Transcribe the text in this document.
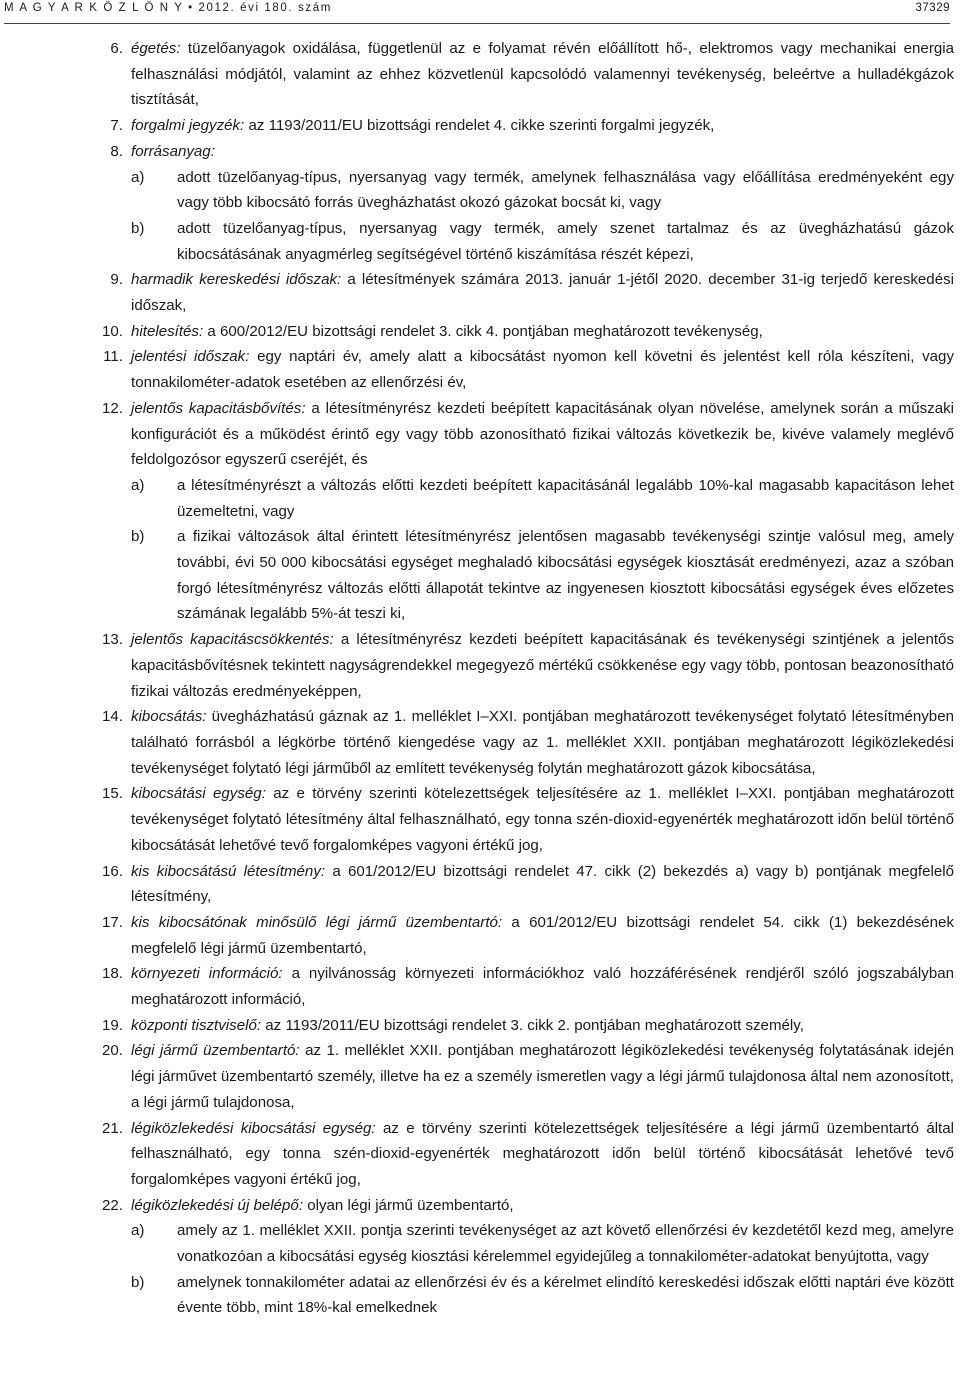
M A G Y A R K Ö Z L Ö N Y • 2012. évi 180. szám	37329
6. égetés: tüzelőanyagok oxidálása, függetlenül az e folyamat révén előállított hő-, elektromos vagy mechanikai energia felhasználási módjától, valamint az ehhez közvetlenül kapcsolódó valamennyi tevékenység, beleértve a hulladékgázok tisztítását,
7. forgalmi jegyzék: az 1193/2011/EU bizottsági rendelet 4. cikke szerinti forgalmi jegyzék,
8. forrásanyag:
a) adott tüzelőanyag-típus, nyersanyag vagy termék, amelynek felhasználása vagy előállítása eredményeként egy vagy több kibocsátó forrás üvegházhatást okozó gázokat bocsát ki, vagy
b) adott tüzelőanyag-típus, nyersanyag vagy termék, amely szenet tartalmaz és az üvegházhatású gázok kibocsátásának anyagmérleg segítségével történő kiszámítása részét képezi,
9. harmadik kereskedési időszak: a létesítmények számára 2013. január 1-jétől 2020. december 31-ig terjedő kereskedési időszak,
10. hitelesítés: a 600/2012/EU bizottsági rendelet 3. cikk 4. pontjában meghatározott tevékenység,
11. jelentési időszak: egy naptári év, amely alatt a kibocsátást nyomon kell követni és jelentést kell róla készíteni, vagy tonnakilométer-adatok esetében az ellenőrzési év,
12. jelentős kapacitásbővítés: a létesítményrész kezdeti beépített kapacitásának olyan növelése, amelynek során a műszaki konfigurációt és a működést érintő egy vagy több azonosítható fizikai változás következik be, kivéve valamely meglévő feldolgozósor egyszerű cseréjét, és
a) a létesítményrészt a változás előtti kezdeti beépített kapacitásánál legalább 10%-kal magasabb kapacitáson lehet üzemeltetni, vagy
b) a fizikai változások által érintett létesítményrész jelentősen magasabb tevékenységi szintje valósul meg, amely további, évi 50 000 kibocsátási egységet meghaladó kibocsátási egységek kiosztását eredményezi, azaz a szóban forgó létesítményrész változás előtti állapotát tekintve az ingyenesen kiosztott kibocsátási egységek éves előzetes számának legalább 5%-át teszi ki,
13. jelentős kapacitáscsökkentés: a létesítményrész kezdeti beépített kapacitásának és tevékenységi szintjének a jelentős kapacitásbővítésnek tekintett nagyságrendekkel megegyező mértékű csökkenése egy vagy több, pontosan beazonosítható fizikai változás eredményeképpen,
14. kibocsátás: üvegházhatású gáznak az 1. melléklet I–XXI. pontjában meghatározott tevékenységet folytató létesítményben található forrásból a légkörbe történő kiengedése vagy az 1. melléklet XXII. pontjában meghatározott légiközlekedési tevékenységet folytató légi járműből az említett tevékenység folytán meghatározott gázok kibocsátása,
15. kibocsátási egység: az e törvény szerinti kötelezettségek teljesítésére az 1. melléklet I–XXI. pontjában meghatározott tevékenységet folytató létesítmény által felhasználható, egy tonna szén-dioxid-egyenérték meghatározott időn belül történő kibocsátását lehetővé tevő forgalomképes vagyoni értékű jog,
16. kis kibocsátású létesítmény: a 601/2012/EU bizottsági rendelet 47. cikk (2) bekezdés a) vagy b) pontjának megfelelő létesítmény,
17. kis kibocsátónak minősülő légi jármű üzembentartó: a 601/2012/EU bizottsági rendelet 54. cikk (1) bekezdésének megfelelő légi jármű üzembentartó,
18. környezeti információ: a nyilvánosság környezeti információkhoz való hozzáférésének rendjéről szóló jogszabályban meghatározott információ,
19. központi tisztviselő: az 1193/2011/EU bizottsági rendelet 3. cikk 2. pontjában meghatározott személy,
20. légi jármű üzembentartó: az 1. melléklet XXII. pontjában meghatározott légiközlekedési tevékenység folytatásának idején légi járművet üzembentartó személy, illetve ha ez a személy ismeretlen vagy a légi jármű tulajdonosa által nem azonosított, a légi jármű tulajdonosa,
21. légiközlekedési kibocsátási egység: az e törvény szerinti kötelezettségek teljesítésére a légi jármű üzembentartó által felhasználható, egy tonna szén-dioxid-egyenérték meghatározott időn belül történő kibocsátását lehetővé tevő forgalomképes vagyoni értékű jog,
22. légiközlekedési új belépő: olyan légi jármű üzembentartó,
a) amely az 1. melléklet XXII. pontja szerinti tevékenységet az azt követő ellenőrzési év kezdetétől kezd meg, amelyre vonatkozóan a kibocsátási egység kiosztási kérelemmel egyidejűleg a tonnakilométer-adatokat benyújtotta, vagy
b) amelynek tonnakilométer adatai az ellenőrzési év és a kérelmet elindító kereskedési időszak előtti naptári éve között évente több, mint 18%-kal emelkednek
